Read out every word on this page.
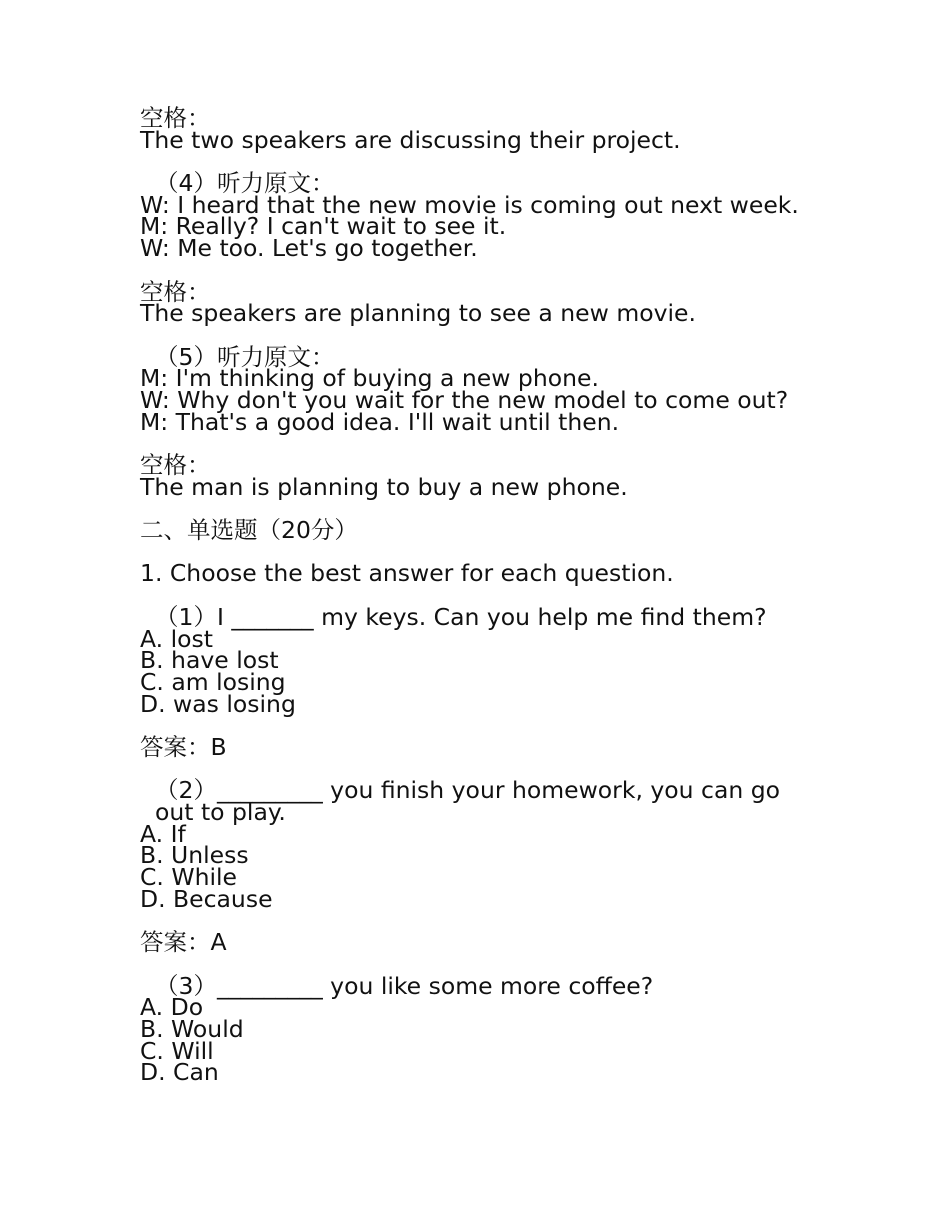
空格：
The two speakers are discussing their project.
（4）听力原文：
W: I heard that the new movie is coming out next week.
M: Really? I can't wait to see it.
W: Me too. Let's go together.
空格：
The speakers are planning to see a new movie.
（5）听力原文：
M: I'm thinking of buying a new phone.
W: Why don't you wait for the new model to come out?
M: That's a good idea. I'll wait until then.
空格：
The man is planning to buy a new phone.
二、单选题（20分）
1. Choose the best answer for each question.
（1）I _______ my keys. Can you help me find them?
A. lost
B. have lost
C. am losing
D. was losing
答案：B
（2）_________ you finish your homework, you can go out to play.
A. If
B. Unless
C. While
D. Because
答案：A
（3）_________ you like some more coffee?
A. Do
B. Would
C. Will
D. Can
